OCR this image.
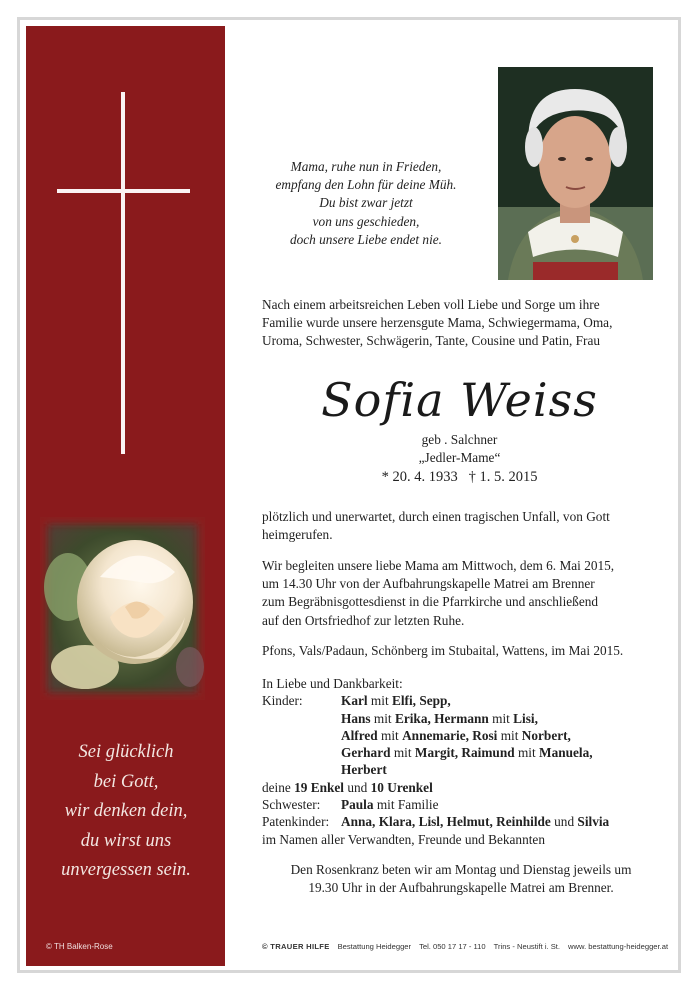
Sei glücklich
bei Gott,
wir denken dein,
du wirst uns
unvergessen sein.
© TH Balken-Rose
Mama, ruhe nun in Frieden,
empfang den Lohn für deine Müh.
Du bist zwar jetzt
von uns geschieden,
doch unsere Liebe endet nie.
Nach einem arbeitsreichen Leben voll Liebe und Sorge um ihre
Familie wurde unsere herzensgute Mama, Schwiegermama, Oma,
Uroma, Schwester, Schwägerin, Tante, Cousine und Patin, Frau
Sofia Weiss
geb . Salchner
„Jedler-Mame“
* 20. 4. 1933   † 1. 5. 2015
plötzlich und unerwartet, durch einen tragischen Unfall, von Gott
heimgerufen.
Wir begleiten unsere liebe Mama am Mittwoch, dem 6. Mai 2015,
um 14.30 Uhr von der Aufbahrungskapelle Matrei am Brenner
zum Begräbnisgottesdienst in die Pfarrkirche und anschließend
auf den Ortsfriedhof zur letzten Ruhe.
Pfons, Vals/Padaun, Schönberg im Stubaital, Wattens, im Mai 2015.
In Liebe und Dankbarkeit:
Kinder:	Karl mit Elfi, Sepp,
Hans mit Erika, Hermann mit Lisi,
Alfred mit Annemarie, Rosi mit Norbert,
Gerhard mit Margit, Raimund mit Manuela,
Herbert
deine 19 Enkel und 10 Urenkel
Schwester:	Paula mit Familie
Patenkinder: Anna, Klara, Lisl, Helmut, Reinhilde und Silvia
im Namen aller Verwandten, Freunde und Bekannten
Den Rosenkranz beten wir am Montag und Dienstag jeweils um
19.30 Uhr in der Aufbahrungskapelle Matrei am Brenner.
© TRAUER HILFE Bestattung Heidegger Tel. 050 17 17 - 110 Trins - Neustift i. St. www. bestattung-heidegger.at
